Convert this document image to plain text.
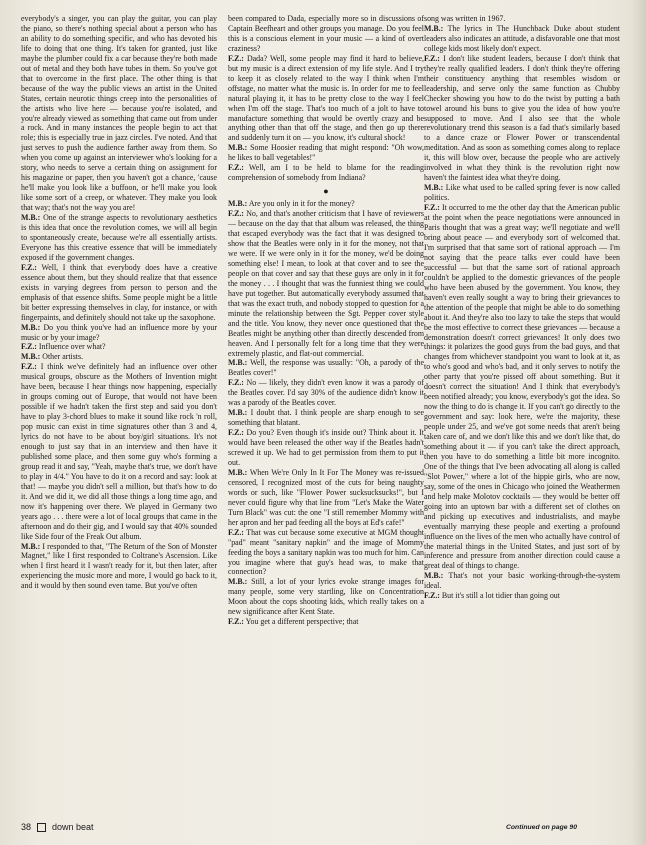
everybody's a singer, you can play the guitar, you can play the piano, so there's nothing special about a person who has an ability to do something specific, and who has devoted his life to doing that one thing. It's taken for granted, just like maybe the plumber could fix a car because they're both made out of metal and they both have tubes in them. So you've got that to overcome in the first place. The other thing is that because of the way the public views an artist in the United States, certain neurotic things creep into the personalities of the artists who live here — because you're isolated, and you're already viewed as something that came out from under a rock. And in many instances the people begin to act that role; this is especially true in jazz circles. I've noted. And that just serves to push the audience farther away from them. So when you come up against an interviewer who's looking for a story, who needs to serve a certain thing on assignment for his magazine or paper, then you haven't got a chance, 'cause he'll make you look like a buffoon, or he'll make you look like some sort of a creep, or whatever. They make you look that way; that's not the way you are!

M.B.: One of the strange aspects to revolutionary aesthetics is this idea that once the revolution comes, we will all begin to spontaneously create, because we're all essentially artists. Everyone has this creative essence that will be immediately exposed if the government changes.

F.Z.: Well, I think that everybody does have a creative essence about them, but they should realize that that essence exists in varying degrees from person to person and the emphasis of that essence shifts. Some people might be a little bit better expressing themselves in clay, for instance, or with fingerpaints, and definitely should not take up the saxophone.

M.B.: Do you think you've had an influence more by your music or by your image?

F.Z.: Influence over what?

M.B.: Other artists.

F.Z.: I think we've definitely had an influence over other musical groups, obscure as the Mothers of Invention might have been, because I hear things now happening, especially in groups coming out of Europe, that would not have been possible if we hadn't taken the first step and said you don't have to play 3-chord blues to make it sound like rock 'n roll, pop music can exist in time signatures other than 3 and 4, lyrics do not have to be about boy/girl situations. It's not enough to just say that in an interview and then have it published some place, and then some guy who's forming a group read it and say, "Yeah, maybe that's true, we don't have to play in 4/4." You have to do it on a record and say: look at that! — maybe you didn't sell a million, but that's how to do it. And we did it, we did all those things a long time ago, and now it's happening over there. We played in Germany two years ago . . . there were a lot of local groups that came in the afternoon and do their gig, and I would say that 40% sounded like Side four of the Freak Out album.

M.B.: I responded to that, "The Return of the Son of Monster Magnet," like I first responded to Coltrane's Ascension. Like when I first heard it I wasn't ready for it, but then later, after experiencing the music more and more, I would go back to it, and it would by then sound even tame. But you've often

been compared to Dada, especially more so in discussions of Captain Beefheart and other groups you manage. Do you feel this is a conscious element in your music — a kind of overt craziness?

F.Z.: Dada? Well, some people may find it hard to believe, but my music is a direct extension of my life style. And I try to keep it as closely related to the way I think when I'm offstage, no matter what the music is. In order for me to feel natural playing it, it has to be pretty close to the way I feel when I'm off the stage. That's too much of a jolt to have to manufacture something that would be overtly crazy and be anything other than that off the stage, and then go up there and suddenly turn it on — you know, it's cultural shock!

M.B.: Some Hoosier reading that might respond: "Oh wow, he likes to ball vegetables!"

F.Z.: Well, am I to be held to blame for the reading comprehension of somebody from Indiana?

●

M.B.: Are you only in it for the money?

F.Z.: No, and that's another criticism that I have of reviewers — because on the day that that album was released, the thing that escaped everybody was the fact that it was designed to show that the Beatles were only in it for the money, not that we were. If we were only in it for the money, we'd be doing something else! I mean, to look at that cover and to see the people on that cover and say that these guys are only in it for the money . . . I thought that was the funniest thing we could have put together. But automatically everybody assumed that that was the exact truth, and nobody stopped to question for a minute the relationship between the Sgt. Pepper cover style and the title. You know, they never once questioned that the Beatles might be anything other than directly descended from heaven. And I personally felt for a long time that they were extremely plastic, and flat-out commercial.

M.B.: Well, the response was usually: "Oh, a parody of the Beatles cover!"

F.Z.: No — likely, they didn't even know it was a parody of the Beatles cover. I'd say 30% of the audience didn't know it was a parody of the Beatles cover.

M.B.: I doubt that. I think people are sharp enough to see something that blatant.

F.Z.: Do you? Even though it's inside out? Think about it. It would have been released the other way if the Beatles hadn't screwed it up. We had to get permission from them to put it out.

M.B.: When We're Only In It For The Money was re-issued censored, I recognized most of the cuts for being naughty words or such, like "Flower Power sucksucksucks!", but I never could figure why that line from "Let's Make the Water Turn Black" was cut: the one "I still remember Mommy with her apron and her pad feeding all the boys at Ed's cafe!"

F.Z.: That was cut because some executive at MGM thought "pad" meant "sanitary napkin" and the image of Mommy feeding the boys a sanitary napkin was too much for him. Can you imagine where that guy's head was, to make that connection?

M.B.: Still, a lot of your lyrics evoke strange images for many people, some very startling, like on Concentration Moon about the cops shooting kids, which really takes on a new significance after Kent State.

F.Z.: You get a different perspective; that

song was written in 1967.

M.B.: The lyrics in The Hunchback Duke about student leaders also indicates an attitude, a disfavorable one that most college kids most likely don't expect.

F.Z.: I don't like student leaders, because I don't think that they're really qualified leaders. I don't think they're offering their constituency anything that resembles wisdom or leadership, and serve only the same function as Chubby Checker showing you how to do the twist by putting a bath towel around his buns to give you the idea of how you're supposed to move. And I also see that the whole revolutionary trend this season is a fad that's similarly based to a dance craze or Flower Power or transcendental meditation. And as soon as something comes along to replace it, this will blow over, because the people who are actively involved in what they think is the revolution right now haven't the faintest idea what they're doing.

M.B.: Like what used to be called spring fever is now called politics.

F.Z.: It occurred to me the other day that the American public at the point when the peace negotiations were announced in Paris thought that was a great way; we'll negotiate and we'll bring about peace — and everybody sort of welcomed that. I'm surprised that that same sort of rational approach — I'm not saying that the peace talks ever could have been successful — but that the same sort of rational approach couldn't be applied to the domestic grievances of the people who have been abused by the government. You know, they haven't even really sought a way to bring their grievances to the attention of the people that might be able to do something about it. And they're also too lazy to take the steps that would be the most effective to correct these grievances — because a demonstration doesn't correct grievances! It only does two things: it polarizes the good guys from the bad guys, and that changes from whichever standpoint you want to look at it, as to who's good and who's bad, and it only serves to notify the other party that you're pissed off about something. But it doesn't correct the situation! And I think that everybody's been notified already; you know, everybody's got the idea. So now the thing to do is change it. If you can't go directly to the government and say: look here, we're the majority, these people under 25, and we've got some needs that aren't being taken care of, and we don't like this and we don't like that, do something about it — if you can't take the direct approach, then you have to do something a little bit more incognito. One of the things that I've been advocating all along is called "Slot Power," where a lot of the hippie girls, who are now, say, some of the ones in Chicago who joined the Weathermen and help make Molotov cocktails — they would be better off going into an uptown bar with a different set of clothes on and picking up executives and industrialists, and maybe eventually marrying these people and exerting a profound influence on the lives of the men who actually have control of the material things in the United States, and just sort of by inference and pressure from another direction could cause a great deal of things to change.

M.B.: That's not your basic working-through-the-system ideal.

F.Z.: But it's still a lot tidier than going out

Continued on page 90
38 down beat
